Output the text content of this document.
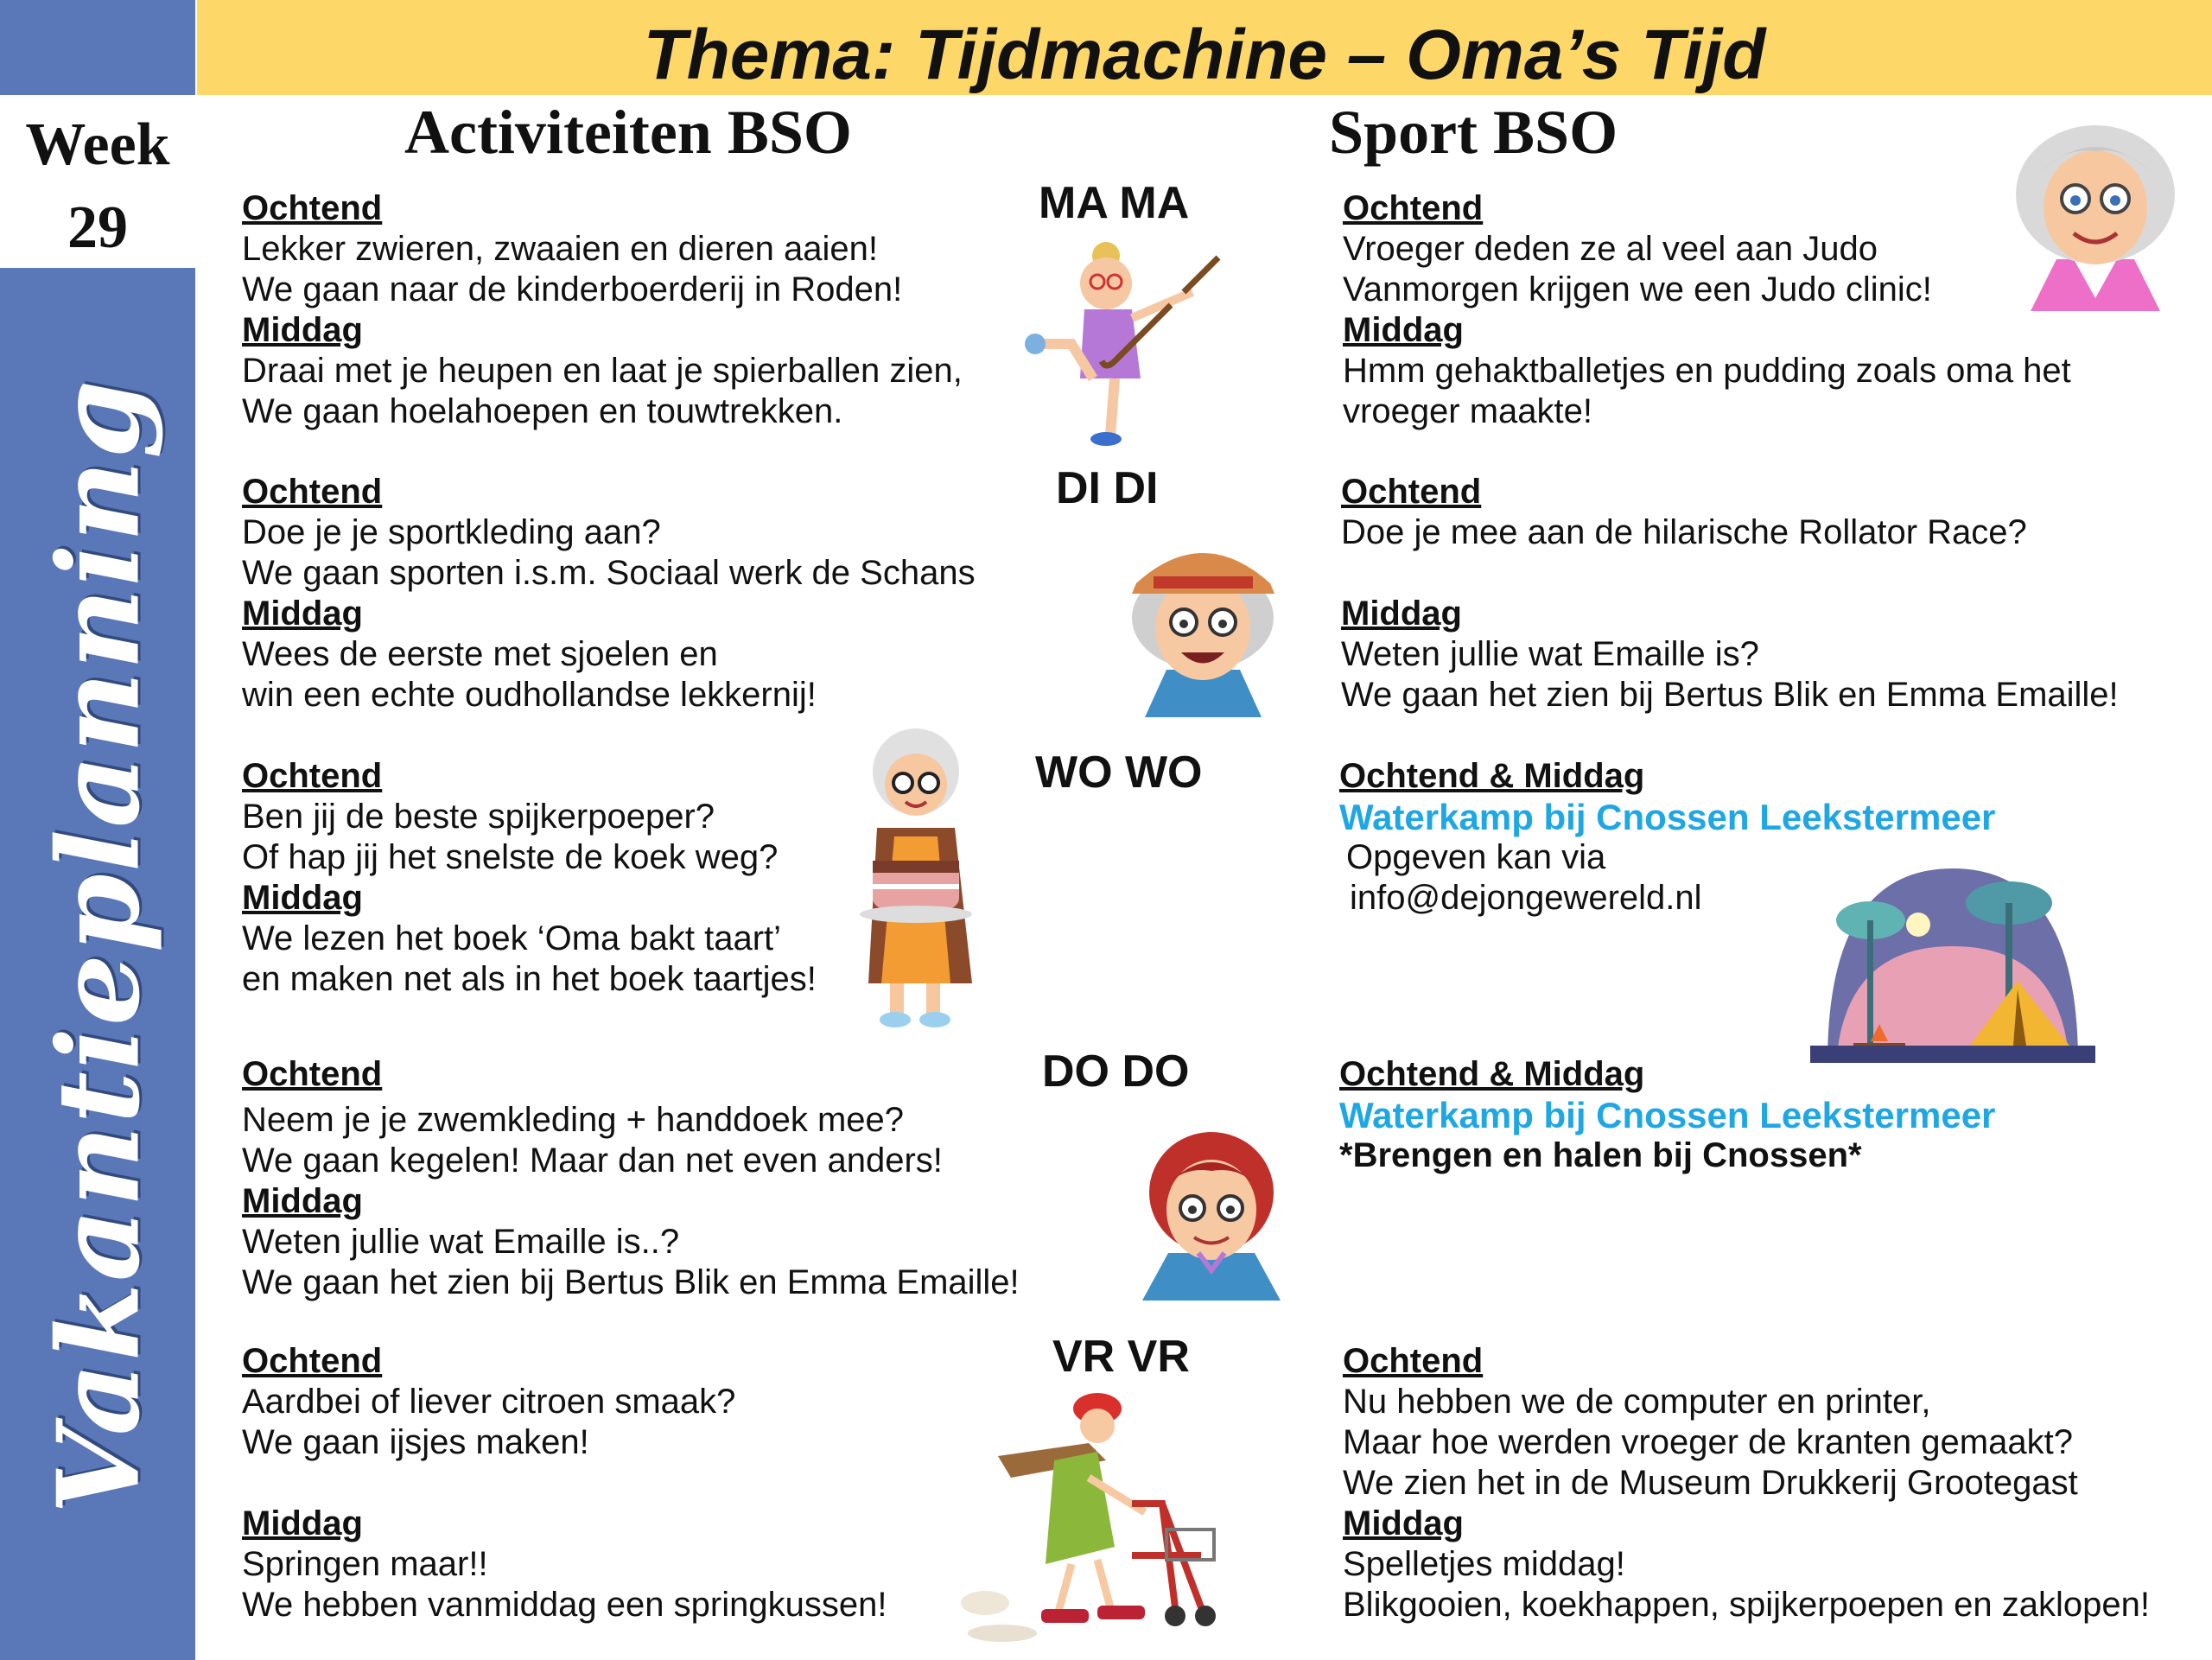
Vakantieplanning
Week
29
Thema: Tijdmachine – Oma’s Tijd
Activiteiten BSO	Sport BSO
MA MA
Ochtend
Lekker zwieren, zwaaien en dieren aaien!
We gaan naar de kinderboerderij in Roden!
Middag
Draai met je heupen en laat je spierballen zien,
We gaan hoelahoepen en touwtrekken.
Ochtend
Vroeger deden ze al veel aan Judo
Vanmorgen krijgen we een Judo clinic!
Middag
Hmm gehaktballetjes en pudding zoals oma het
vroeger maakte!
DI DI
Ochtend
Doe je je sportkleding aan?
We gaan sporten i.s.m. Sociaal werk de Schans
Middag
Wees de eerste met sjoelen en
win een echte oudhollandse lekkernij!
Ochtend
Doe je mee aan de hilarische Rollator Race?
Middag
Weten jullie wat Emaille is?
We gaan het zien bij Bertus Blik en Emma Emaille!
WO WO
Ochtend
Ben jij de beste spijkerpoeper?
Of hap jij het snelste de koek weg?
Middag
We lezen het boek ‘Oma bakt taart’
en maken net als in het boek taartjes!
Ochtend & Middag
Waterkamp bij Cnossen Leekstermeer
Opgeven kan via
info@dejongewereld.nl
DO DO
Ochtend
Neem je je zwemkleding + handdoek mee?
We gaan kegelen! Maar dan net even anders!
Middag
Weten jullie wat Emaille is..?
We gaan het zien bij Bertus Blik en Emma Emaille!
Ochtend & Middag
Waterkamp bij Cnossen Leekstermeer
*Brengen en halen bij Cnossen*
VR VR
Ochtend
Aardbei of liever citroen smaak?
We gaan ijsjes maken!
Middag
Springen maar!!
We hebben vanmiddag een springkussen!
Ochtend
Nu hebben we de computer en printer,
Maar hoe werden vroeger de kranten gemaakt?
We zien het in de Museum Drukkerij Grootegast
Middag
Spelletjes middag!
Blikgooien, koekhappen, spijkerpoepen en zaklopen!
